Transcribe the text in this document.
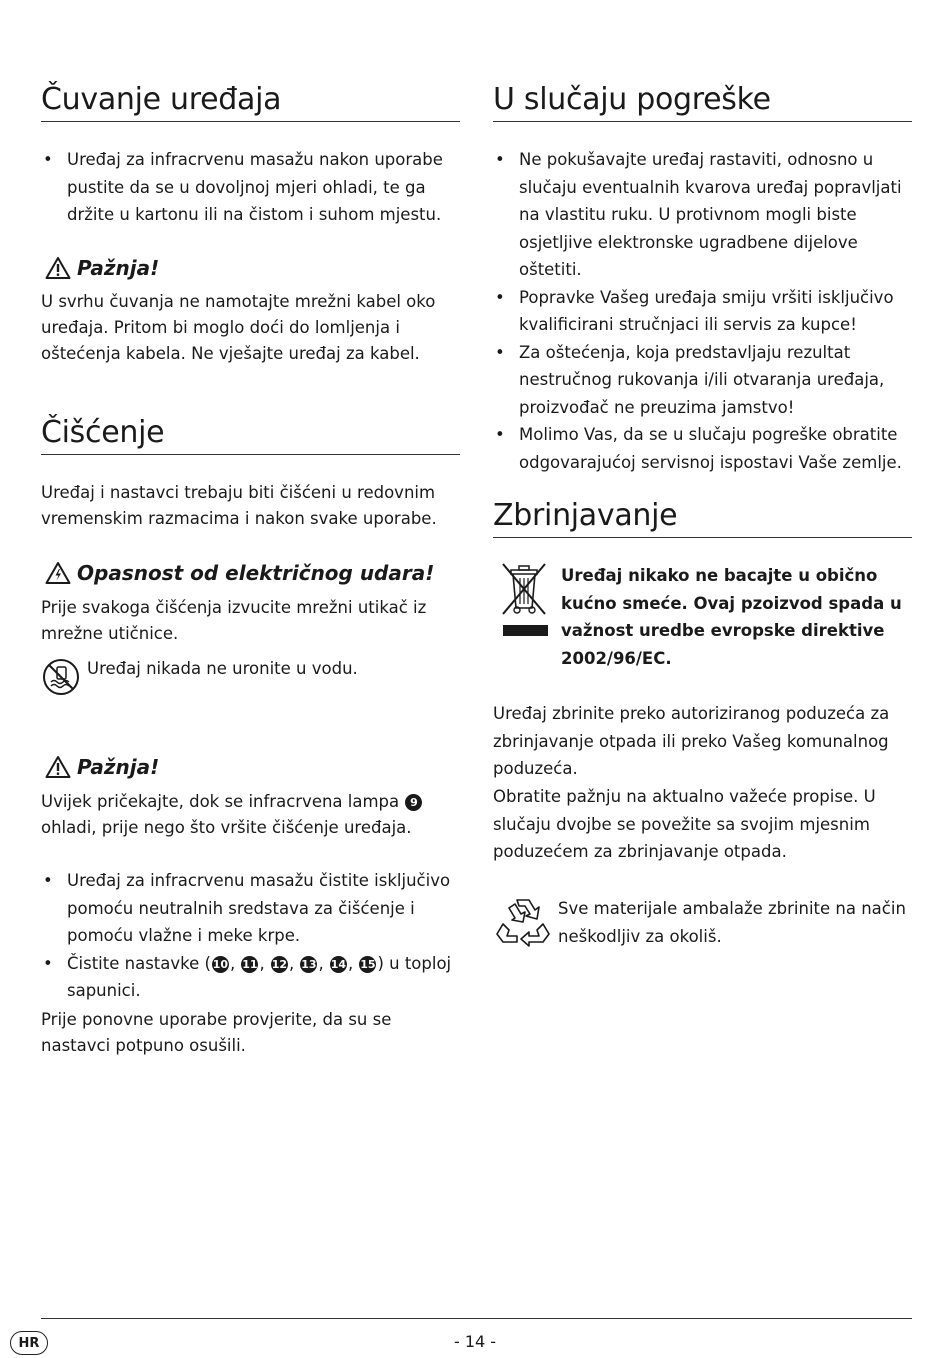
Čuvanje uređaja
• Uređaj za infracrvenu masažu nakon uporabe pustite da se u dovoljnoj mjeri ohladi, te ga držite u kartonu ili na čistom i suhom mjestu.
Pažnja!

U svrhu čuvanja ne namotajte mrežni kabel oko uređaja. Pritom bi moglo doći do lomljenja i oštećenja kabela. Ne vješajte uređaj za kabel.

Čišćenje

Uređaj i nastavci trebaju biti čišćeni u redovnim vremenskim razmacima i nakon svake uporabe.

Opasnost od električnog udara!

Prije svakoga čišćenja izvucite mrežni utikač iz mrežne utičnice.

Uređaj nikada ne uronite u vodu.

Pažnja!

Uvijek pričekajte, dok se infracrvena lampa 9
ohladi, prije nego što vršite čišćenje uređaja.

• Uređaj za infracrvenu masažu čistite isključivo pomoću neutralnih sredstava za čišćenje i pomoću vlažne i meke krpe.
• Čistite nastavke ( 10 , 11 , 12 , 13 , 14 , 15 ) u toploj sapunici.

Prije ponovne uporabe provjerite, da su se nastavci potpuno osušili.

U slučaju pogreške
• Ne pokušavajte uređaj rastaviti, odnosno u slučaju eventualnih kvarova uređaj popravljati na vlastitu ruku. U protivnom mogli biste osjetljive elektronske ugradbene dijelove oštetiti.
• Popravke Vašeg uređaja smiju vršiti isključivo kvalificirani stručnjaci ili servis za kupce!
• Za oštećenja, koja predstavljaju rezultat nestručnog rukovanja i/ili otvaranja uređaja, proizvođač ne preuzima jamstvo!
• Molimo Vas, da se u slučaju pogreške obratite odgovarajućoj servisnoj ispostavi Vaše zemlje.
Zbrinjavanje

Uređaj nikako ne bacajte u obično kućno smeće. Ovaj pzoizvod spada u važnost uredbe evropske direktive 2002/96/EC.

Uređaj zbrinite preko autoriziranog poduzeća za zbrinjavanje otpada ili preko Vašeg komunalnog poduzeća.

Obratite pažnju na aktualno važeće propise. U slučaju dvojbe se povežite sa svojim mjesnim poduzećem za zbrinjavanje otpada.

Sve materijale ambalaže zbrinite na način neškodljiv za okoliš.

HR	- 14 -
